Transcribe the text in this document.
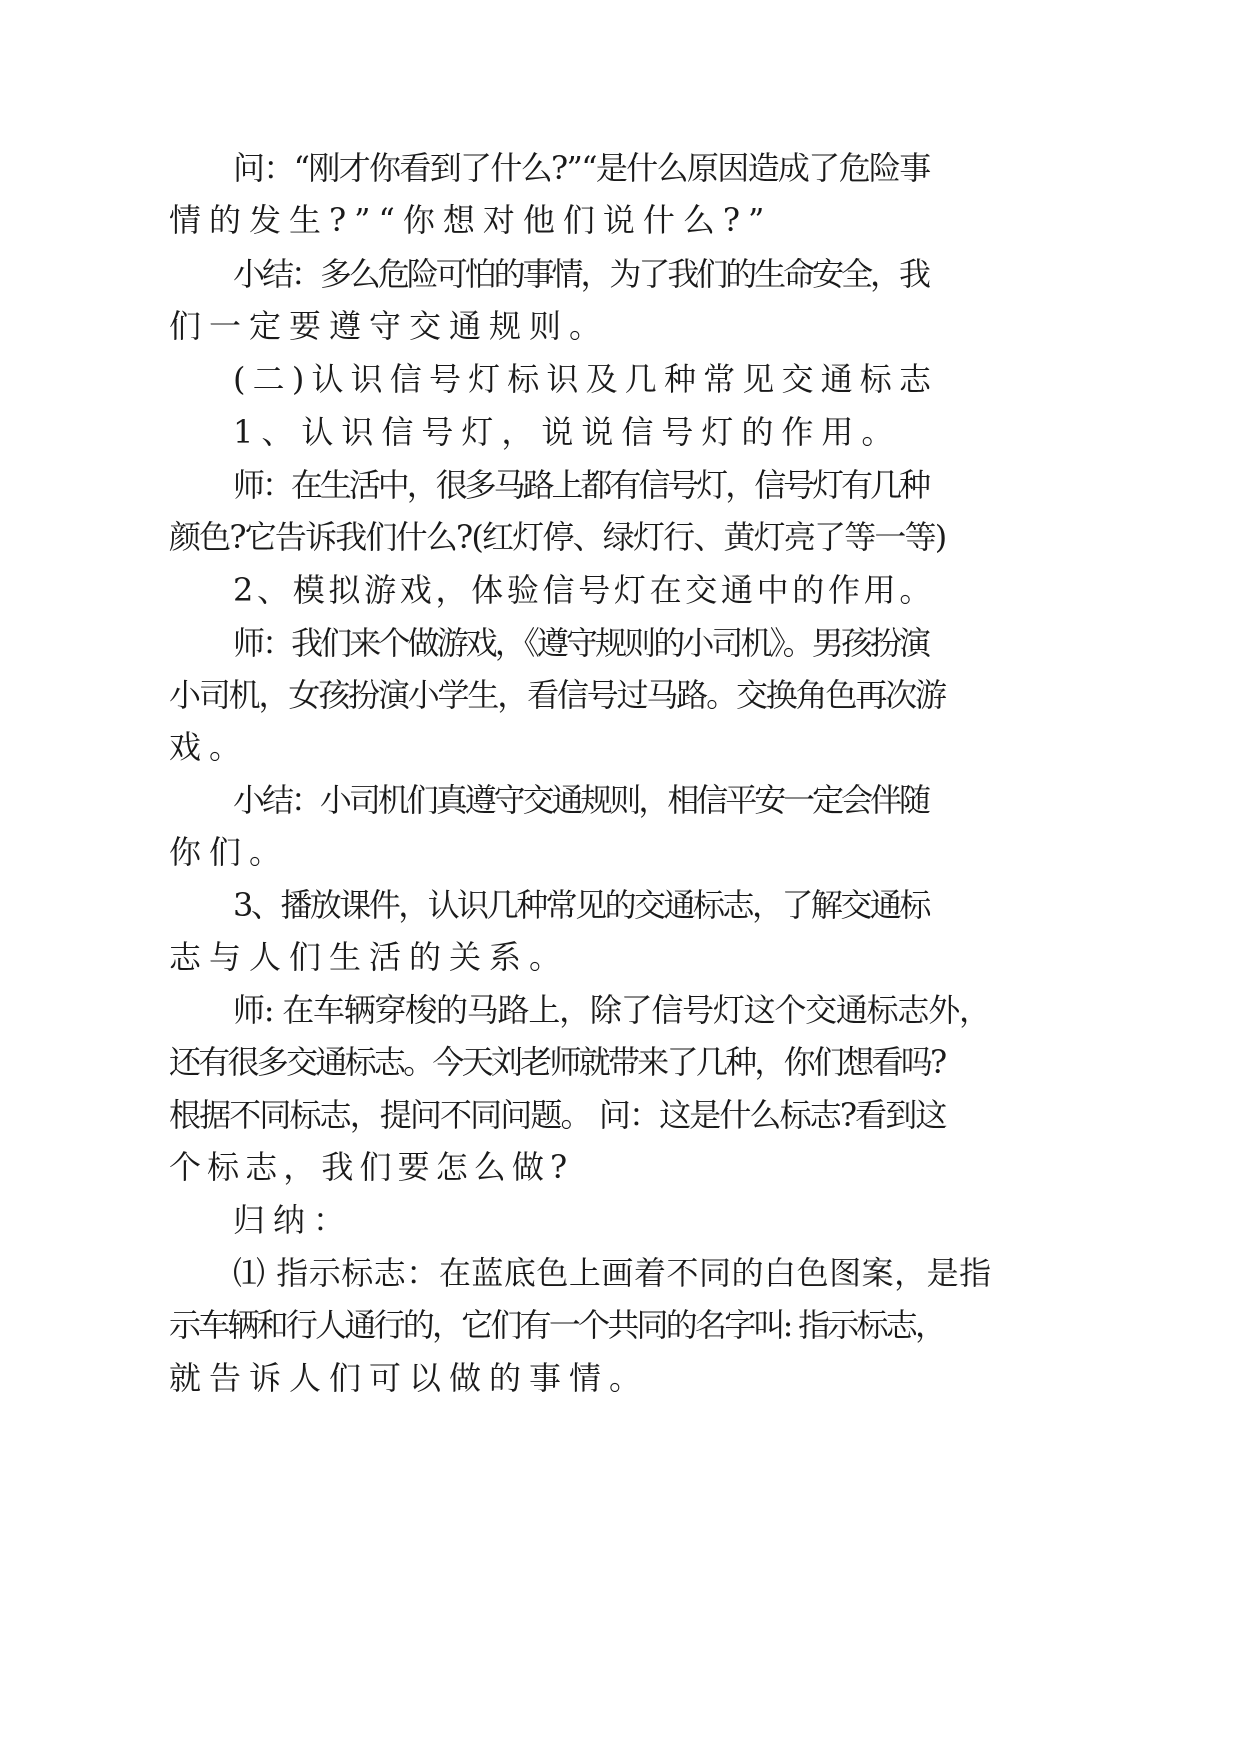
问：“刚才你看到了什么?”“是什么原因造成了危险事

情的发生?”“你想对他们说什么?”

小结：多么危险可怕的事情，为了我们的生命安全，我

们一定要遵守交通规则。

(二)认识信号灯标识及几种常见交通标志

1、认识信号灯，说说信号灯的作用。

师：在生活中，很多马路上都有信号灯，信号灯有几种

颜色?它告诉我们什么?(红灯停、绿灯行、黄灯亮了等一等)

2、模拟游戏，体验信号灯在交通中的作用。

师：我们来个做游戏，《遵守规则的小司机》。男孩扮演

小司机，女孩扮演小学生，看信号过马路。交换角色再次游

戏。

小结：小司机们真遵守交通规则，相信平安一定会伴随

你们。

3、播放课件，认识几种常见的交通标志，了解交通标

志与人们生活的关系。

师: 在车辆穿梭的马路上，除了信号灯这个交通标志外，

还有很多交通标志。今天刘老师就带来了几种，你们想看吗?

根据不同标志，提问不同问题。 问：这是什么标志?看到这

个标志，我们要怎么做?

归纳：

⑴ 指示标志：在蓝底色上画着不同的白色图案，是指

示车辆和行人通行的，它们有一个共同的名字叫: 指示标志，

就告诉人们可以做的事情。
